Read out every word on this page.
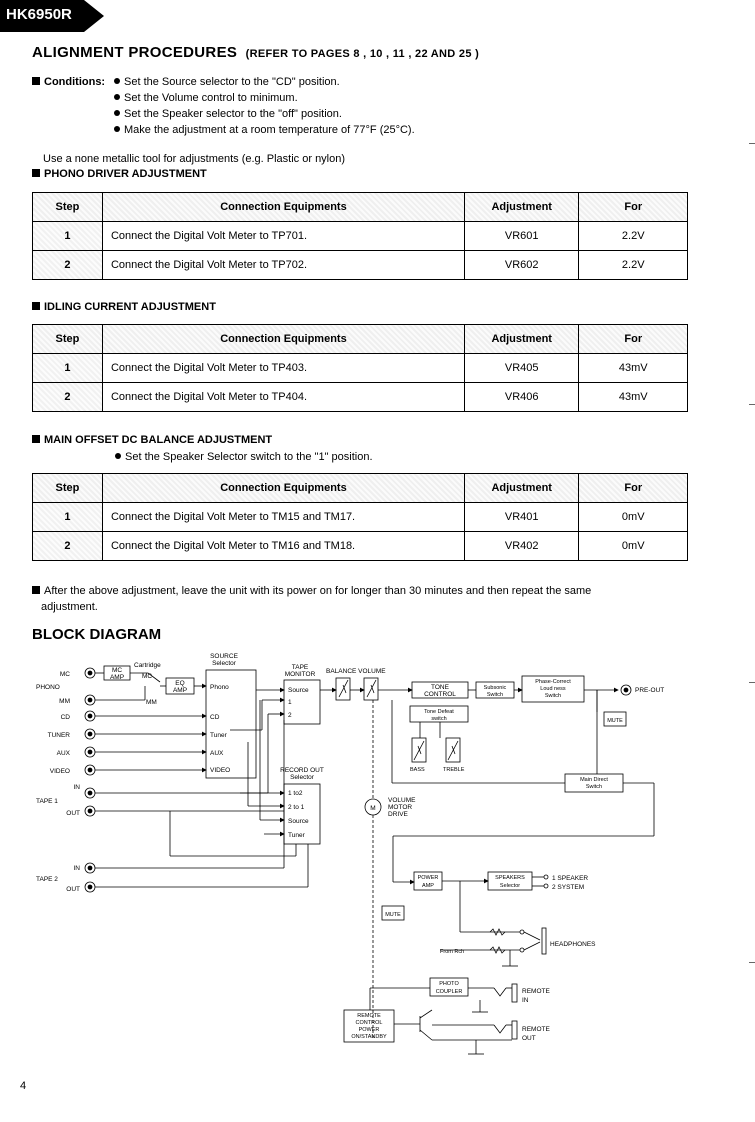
HK6950R
ALIGNMENT PROCEDURES (REFER TO PAGES 8 , 10 , 11 , 22 AND 25 )
Conditions:	Set the Source selector to the "CD" position.
Set the Volume control to minimum.
Set the Speaker selector to the "off" position.
Make the adjustment at a room temperature of 77°F (25°C).
Use a none metallic tool for adjustments (e.g. Plastic or nylon)
PHONO DRIVER ADJUSTMENT
Step	Connection Equipments	Adjustment	For
1	Connect the Digital Volt Meter to TP701.	VR601	2.2V
2	Connect the Digital Volt Meter to TP702.	VR602	2.2V
IDLING CURRENT ADJUSTMENT
Step	Connection Equipments	Adjustment	For
1	Connect the Digital Volt Meter to TP403.	VR405	43mV
2	Connect the Digital Volt Meter to TP404.	VR406	43mV
MAIN OFFSET DC BALANCE ADJUSTMENT
Set the Speaker Selector switch to the "1" position.
Step	Connection Equipments	Adjustment	For
1	Connect the Digital Volt Meter to TM15 and TM17.	VR401	0mV
2	Connect the Digital Volt Meter to TM16 and TM18.	VR402	0mV
After the above adjustment, leave the unit with its power on for longer than 30 minutes and then repeat the same
adjustment.
BLOCK DIAGRAM
MC
PHONO
MM
CD
TUNER
AUX
VIDEO
IN
TAPE 1
OUT
IN
TAPE 2
OUT
Cartridge
MC
AMP	MC
MM
EQ
AMP
SOURCE
Selector
Phono
CD
Tuner
AUX
VIDEO
TAPE
MONITOR
Source
1
2
BALANCE VOLUME
RECORD OUT
Selector
1 to2
2 to 1
Source
Tuner
M
VOLUME
MOTOR
DRIVE
TONE
CONTROL
Subsonic
Switch
Phase-Correct
Loud ness
Switch
PRE-OUT
MUTE
Tone Defeat
switch
BASS	TREBLE
Main Direct
Switch
POWER
AMP
SPEAKERS
Selector
1 SPEAKER
2 SYSTEM
MUTE
From Rch
HEADPHONES
PHOTO
COUPLER	REMOTE
IN
REMOTE
OUT
REMOTE
CONTROL
POWER
ON/STANDBY
4
